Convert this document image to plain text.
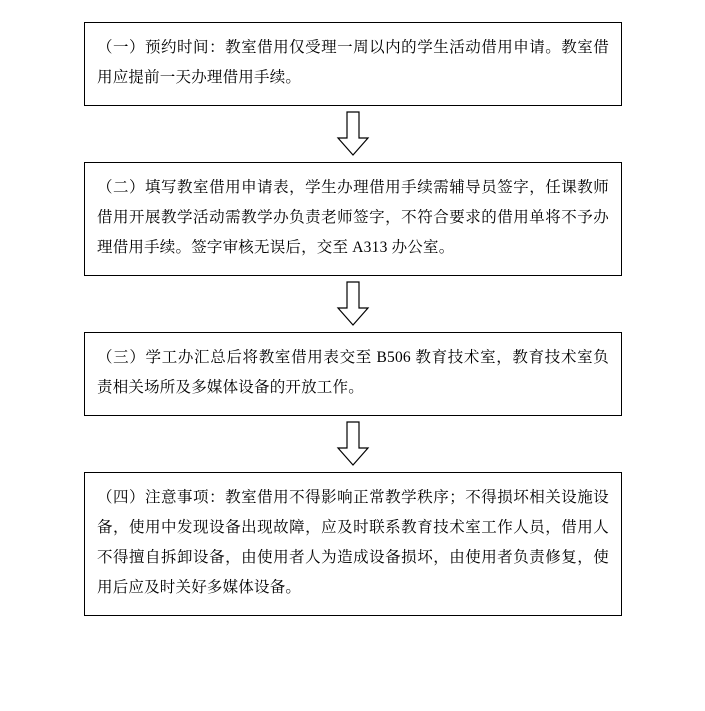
（一）预约时间：教室借用仅受理一周以内的学生活动借用申请。教室借用应提前一天办理借用手续。
（二）填写教室借用申请表，学生办理借用手续需辅导员签字，任课教师借用开展教学活动需教学办负责老师签字，不符合要求的借用单将不予办理借用手续。签字审核无误后，交至 A313 办公室。
（三）学工办汇总后将教室借用表交至 B506 教育技术室，教育技术室负责相关场所及多媒体设备的开放工作。
（四）注意事项：教室借用不得影响正常教学秩序；不得损坏相关设施设备，使用中发现设备出现故障，应及时联系教育技术室工作人员，借用人不得擅自拆卸设备，由使用者人为造成设备损坏，由使用者负责修复，使用后应及时关好多媒体设备。
